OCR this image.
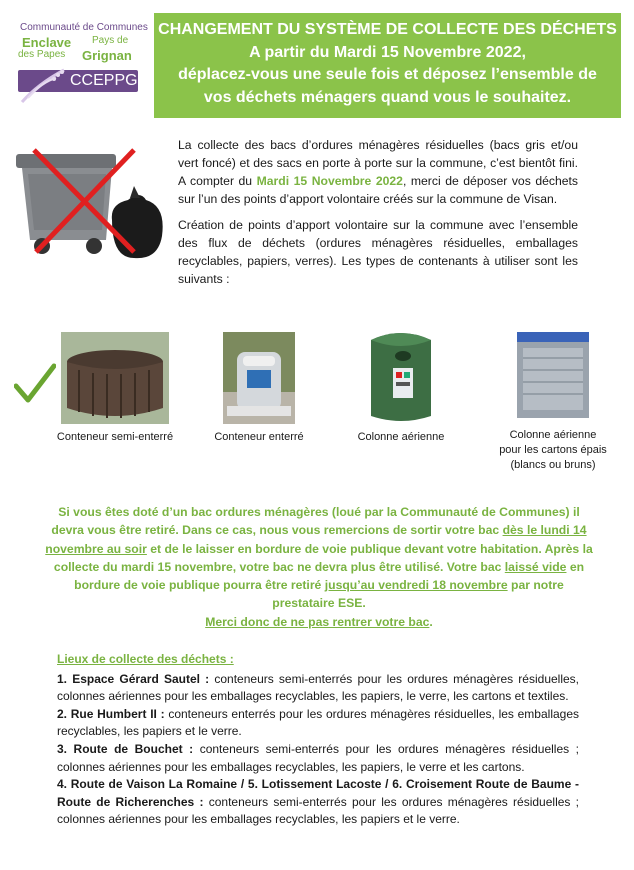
Communauté de Communes
Enclave
des Papes
Pays de
Grignan
CCEPPG
CHANGEMENT DU SYSTÈME DE COLLECTE DES DÉCHETS
A partir du Mardi 15 Novembre 2022,
déplacez-vous une seule fois et déposez l’ensemble de
vos déchets ménagers quand vous le souhaitez.

La collecte des bacs d’ordures ménagères résiduelles (bacs gris et/ou vert foncé) et des sacs en porte à porte sur la commune, c’est bientôt fini. A compter du Mardi 15 Novembre 2022, merci de déposer vos déchets sur l’un des points d’apport volontaire créés sur la commune de Visan.

Création de points d’apport volontaire sur la commune avec l’ensemble des flux de déchets (ordures ménagères résiduelles, emballages recyclables, papiers, verres). Les types de contenants à utiliser sont les suivants :

Conteneur semi-enterré	Conteneur enterré	Colonne aérienne	Colonne aérienne
pour les cartons épais
(blancs ou bruns)
Si vous êtes doté d’un bac ordures ménagères (loué par la Communauté de Communes) il devra vous être retiré. Dans ce cas, nous vous remercions de sortir votre bac dès le lundi 14 novembre au soir et de le laisser en bordure de voie publique devant votre habitation. Après la collecte du mardi 15 novembre, votre bac ne devra plus être utilisé. Votre bac laissé vide en bordure de voie publique pourra être retiré jusqu’au vendredi 18 novembre par notre prestataire ESE.
Merci donc de ne pas rentrer votre bac.
Lieux de collecte des déchets :

1. Espace Gérard Sautel : conteneurs semi-enterrés pour les ordures ménagères résiduelles, colonnes aériennes pour les emballages recyclables, les papiers, le verre, les cartons et textiles.

2. Rue Humbert II : conteneurs enterrés pour les ordures ménagères résiduelles, les emballages recyclables, les papiers et le verre.

3. Route de Bouchet : conteneurs semi-enterrés pour les ordures ménagères résiduelles ; colonnes aériennes pour les emballages recyclables, les papiers, le verre et les cartons.

4. Route de Vaison La Romaine / 5. Lotissement Lacoste / 6. Croisement Route de Baume - Route de Richerenches : conteneurs semi-enterrés pour les ordures ménagères résiduelles ; colonnes aériennes pour les emballages recyclables, les papiers et le verre.
